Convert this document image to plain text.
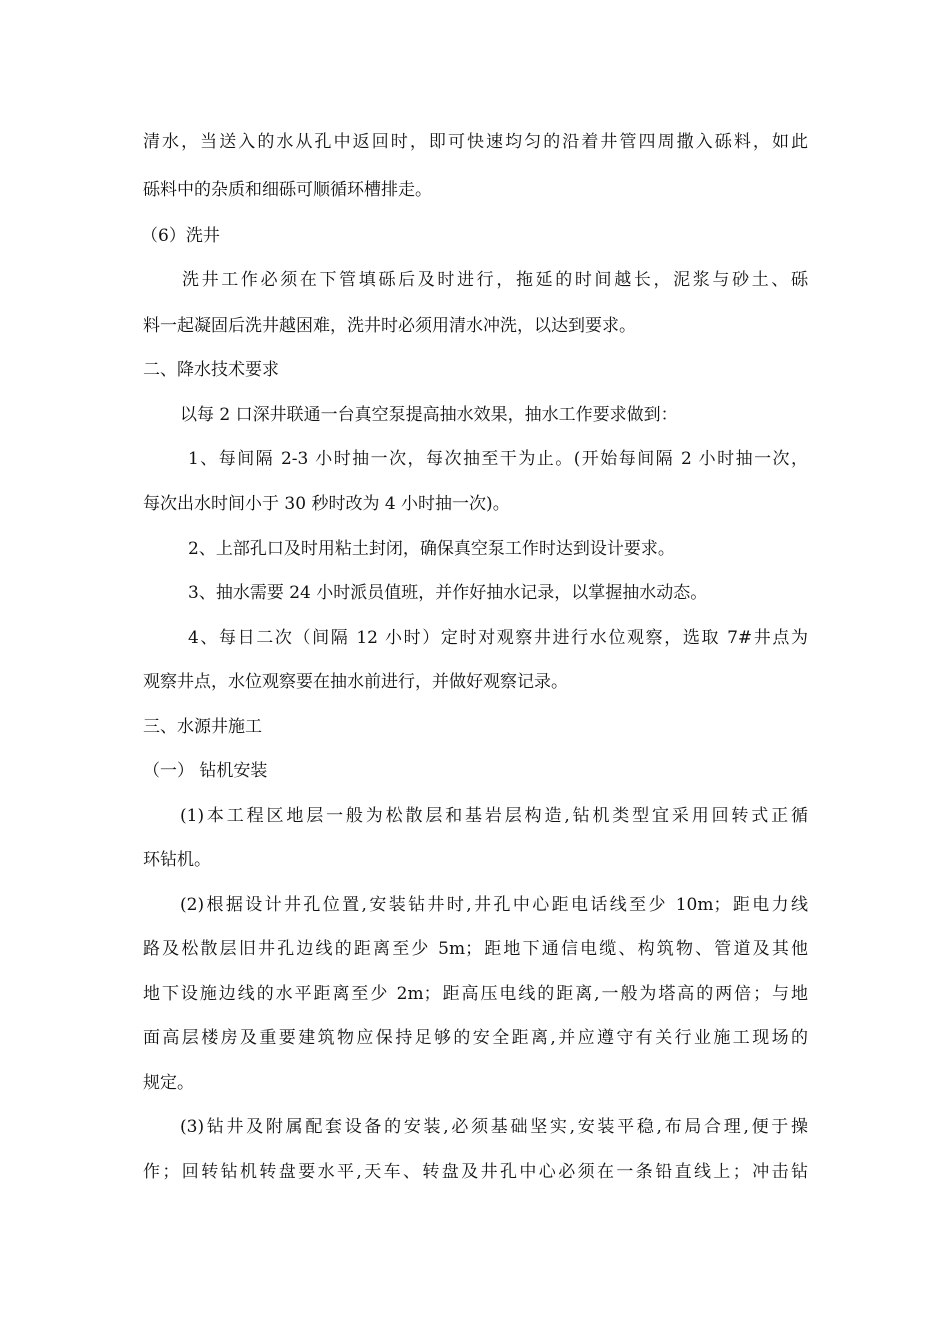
清水，当送入的水从孔中返回时，即可快速均匀的沿着井管四周撒入砾料，如此
砾料中的杂质和细砾可顺循环槽排走。
（6）洗井
洗井工作必须在下管填砾后及时进行，拖延的时间越长，泥浆与砂土、砾
料一起凝固后洗井越困难，洗井时必须用清水冲洗，以达到要求。
二、降水技术要求
以每 2 口深井联通一台真空泵提高抽水效果，抽水工作要求做到：
1、每间隔 2-3 小时抽一次，每次抽至干为止。(开始每间隔 2 小时抽一次，
每次出水时间小于 30 秒时改为 4 小时抽一次)。
2、上部孔口及时用粘土封闭，确保真空泵工作时达到设计要求。
3、抽水需要 24 小时派员值班，并作好抽水记录，以掌握抽水动态。
4、每日二次（间隔 12 小时）定时对观察井进行水位观察，选取 7#井点为
观察井点，水位观察要在抽水前进行，并做好观察记录。
三、水源井施工
（一） 钻机安装
(1)本工程区地层一般为松散层和基岩层构造,钻机类型宜采用回转式正循
环钻机。
(2)根据设计井孔位置,安装钻井时,井孔中心距电话线至少 10m；距电力线
路及松散层旧井孔边线的距离至少 5m；距地下通信电缆、构筑物、管道及其他
地下设施边线的水平距离至少 2m；距高压电线的距离,一般为塔高的两倍；与地
面高层楼房及重要建筑物应保持足够的安全距离,并应遵守有关行业施工现场的
规定。
(3)钻井及附属配套设备的安装,必须基础坚实,安装平稳,布局合理,便于操
作；回转钻机转盘要水平,天车、转盘及井孔中心必须在一条铅直线上；冲击钻
